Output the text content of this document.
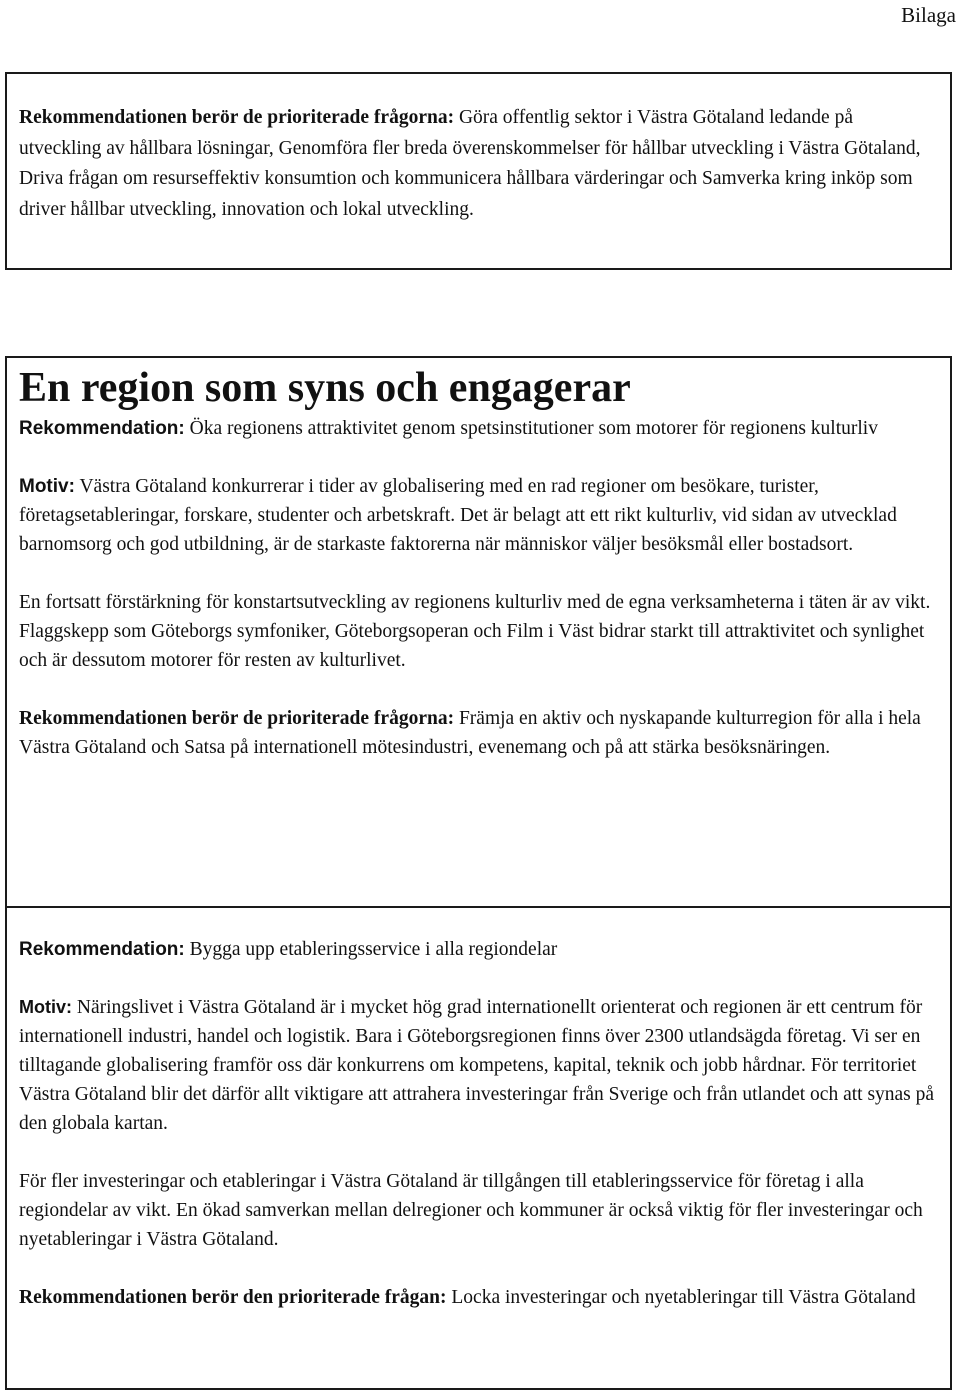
Bilaga

Rekommendationen berör de prioriterade frågorna: Göra offentlig sektor i Västra Götaland ledande på utveckling av hållbara lösningar, Genomföra fler breda överenskommelser för hållbar utveckling i Västra Götaland, Driva frågan om resurseffektiv konsumtion och kommunicera hållbara värderingar och Samverka kring inköp som driver hållbar utveckling, innovation och lokal utveckling.

En region som syns och engagerar

Rekommendation: Öka regionens attraktivitet genom spetsinstitutioner som motorer för regionens kulturliv

Motiv: Västra Götaland konkurrerar i tider av globalisering med en rad regioner om besökare, turister, företagsetableringar, forskare, studenter och arbetskraft. Det är belagt att ett rikt kulturliv, vid sidan av utvecklad barnomsorg och god utbildning, är de starkaste faktorerna när människor väljer besöksmål eller bostadsort.

En fortsatt förstärkning för konstartsutveckling av regionens kulturliv med de egna verksamheterna i täten är av vikt. Flaggskepp som Göteborgs symfoniker, Göteborgsoperan och Film i Väst bidrar starkt till attraktivitet och synlighet och är dessutom motorer för resten av kulturlivet.

Rekommendationen berör de prioriterade frågorna: Främja en aktiv och nyskapande kulturregion för alla i hela Västra Götaland och Satsa på internationell mötesindustri, evenemang och på att stärka besöksnäringen.

Rekommendation: Bygga upp etableringsservice i alla regiondelar

Motiv: Näringslivet i Västra Götaland är i mycket hög grad internationellt orienterat och regionen är ett centrum för internationell industri, handel och logistik. Bara i Göteborgsregionen finns över 2300 utlandsägda företag. Vi ser en tilltagande globalisering framför oss där konkurrens om kompetens, kapital, teknik och jobb hårdnar. För territoriet Västra Götaland blir det därför allt viktigare att attrahera investeringar från Sverige och från utlandet och att synas på den globala kartan.

För fler investeringar och etableringar i Västra Götaland är tillgången till etableringsservice för företag i alla regiondelar av vikt. En ökad samverkan mellan delregioner och kommuner är också viktig för fler investeringar och nyetableringar i Västra Götaland.

Rekommendationen berör den prioriterade frågan: Locka investeringar och nyetableringar till Västra Götaland
